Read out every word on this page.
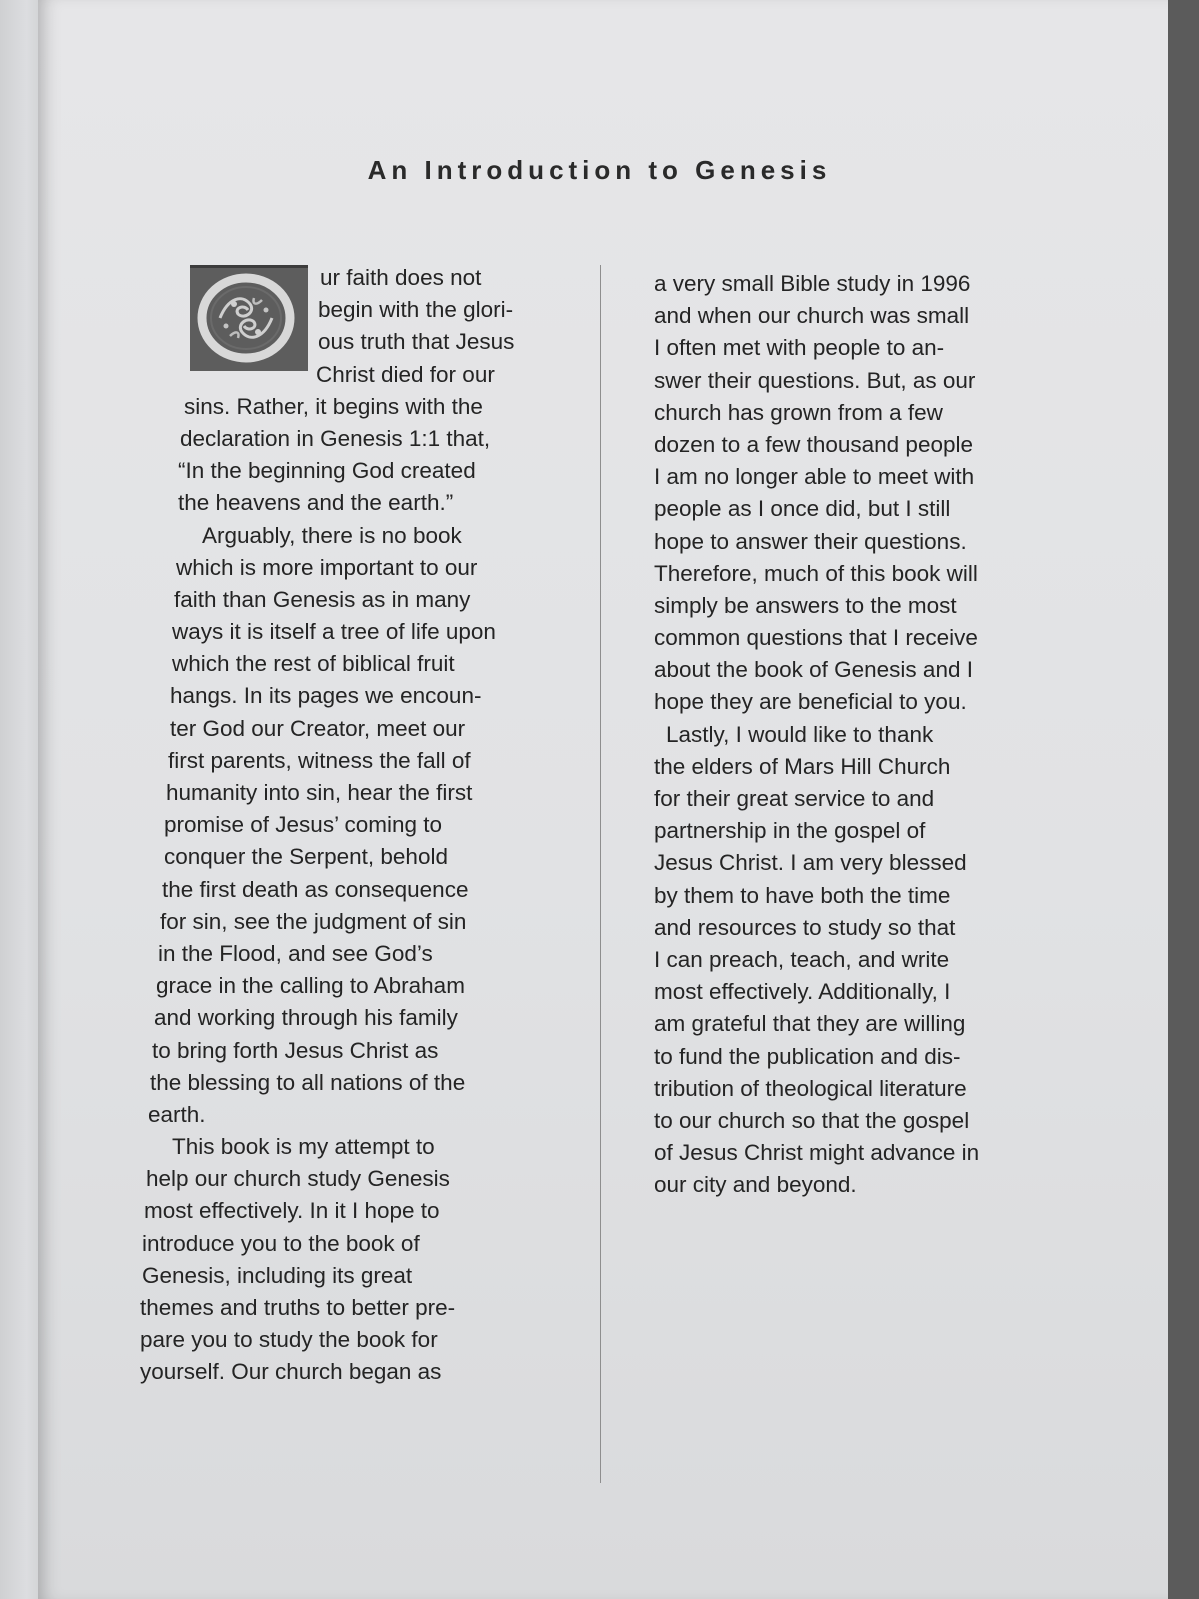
An Introduction to Genesis
ur faith does not
begin with the glori-
ous truth that Jesus
Christ died for our
sins. Rather, it begins with the
declaration in Genesis 1:1 that,
“In the beginning God created
the heavens and the earth.”
Arguably, there is no book
which is more important to our
faith than Genesis as in many
ways it is itself a tree of life upon
which the rest of biblical fruit
hangs. In its pages we encoun-
ter God our Creator, meet our
first parents, witness the fall of
humanity into sin, hear the first
promise of Jesus’ coming to
conquer the Serpent, behold
the first death as consequence
for sin, see the judgment of sin
in the Flood, and see God’s
grace in the calling to Abraham
and working through his family
to bring forth Jesus Christ as
the blessing to all nations of the
earth.
This book is my attempt to
help our church study Genesis
most effectively. In it I hope to
introduce you to the book of
Genesis, including its great
themes and truths to better pre-
pare you to study the book for
yourself. Our church began as
a very small Bible study in 1996
and when our church was small
I often met with people to an-
swer their questions. But, as our
church has grown from a few
dozen to a few thousand people
I am no longer able to meet with
people as I once did, but I still
hope to answer their questions.
Therefore, much of this book will
simply be answers to the most
common questions that I receive
about the book of Genesis and I
hope they are beneficial to you.
Lastly, I would like to thank
the elders of Mars Hill Church
for their great service to and
partnership in the gospel of
Jesus Christ. I am very blessed
by them to have both the time
and resources to study so that
I can preach, teach, and write
most effectively. Additionally, I
am grateful that they are willing
to fund the publication and dis-
tribution of theological literature
to our church so that the gospel
of Jesus Christ might advance in
our city and beyond.
